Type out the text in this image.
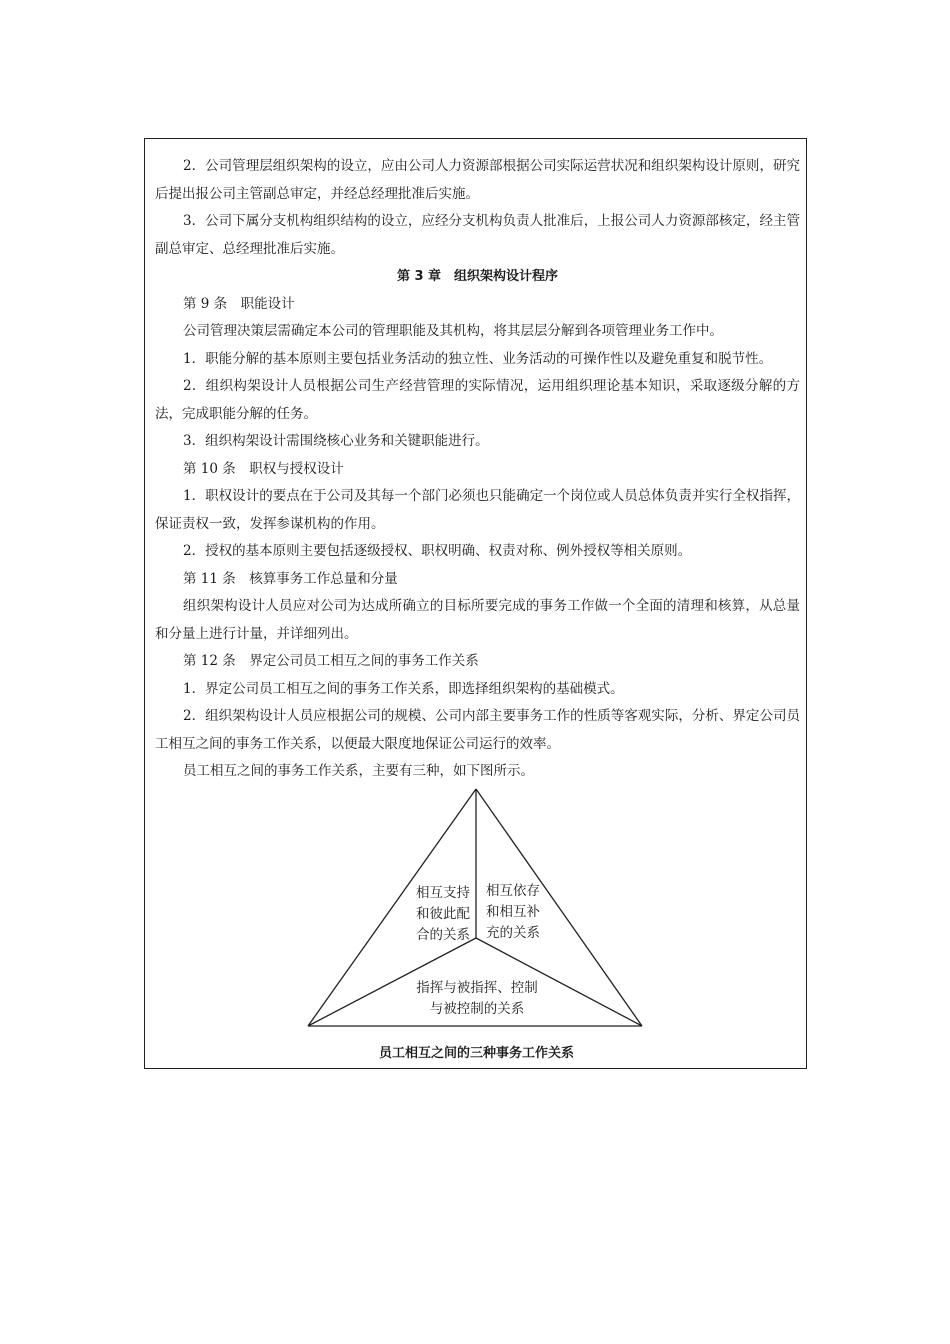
2．公司管理层组织架构的设立，应由公司人力资源部根据公司实际运营状况和组织架构设计原则，研究后提出报公司主管副总审定，并经总经理批准后实施。

3．公司下属分支机构组织结构的设立，应经分支机构负责人批准后，上报公司人力资源部核定，经主管副总审定、总经理批准后实施。

第 3 章　组织架构设计程序

第 9 条　职能设计

公司管理决策层需确定本公司的管理职能及其机构，将其层层分解到各项管理业务工作中。

1．职能分解的基本原则主要包括业务活动的独立性、业务活动的可操作性以及避免重复和脱节性。

2．组织构架设计人员根据公司生产经营管理的实际情况，运用组织理论基本知识，采取逐级分解的方法，完成职能分解的任务。

3．组织构架设计需围绕核心业务和关键职能进行。

第 10 条　职权与授权设计

1．职权设计的要点在于公司及其每一个部门必须也只能确定一个岗位或人员总体负责并实行全权指挥，保证责权一致，发挥参谋机构的作用。

2．授权的基本原则主要包括逐级授权、职权明确、权责对称、例外授权等相关原则。

第 11 条　核算事务工作总量和分量

组织架构设计人员应对公司为达成所确立的目标所要完成的事务工作做一个全面的清理和核算，从总量和分量上进行计量，并详细列出。

第 12 条　界定公司员工相互之间的事务工作关系

1．界定公司员工相互之间的事务工作关系，即选择组织架构的基础模式。

2．组织架构设计人员应根据公司的规模、公司内部主要事务工作的性质等客观实际，分析、界定公司员工相互之间的事务工作关系，以便最大限度地保证公司运行的效率。

员工相互之间的事务工作关系，主要有三种，如下图所示。

相互支持
和彼此配
合的关系
相互依存
和相互补
充的关系
指挥与被指挥、控制
与被控制的关系
员工相互之间的三种事务工作关系
